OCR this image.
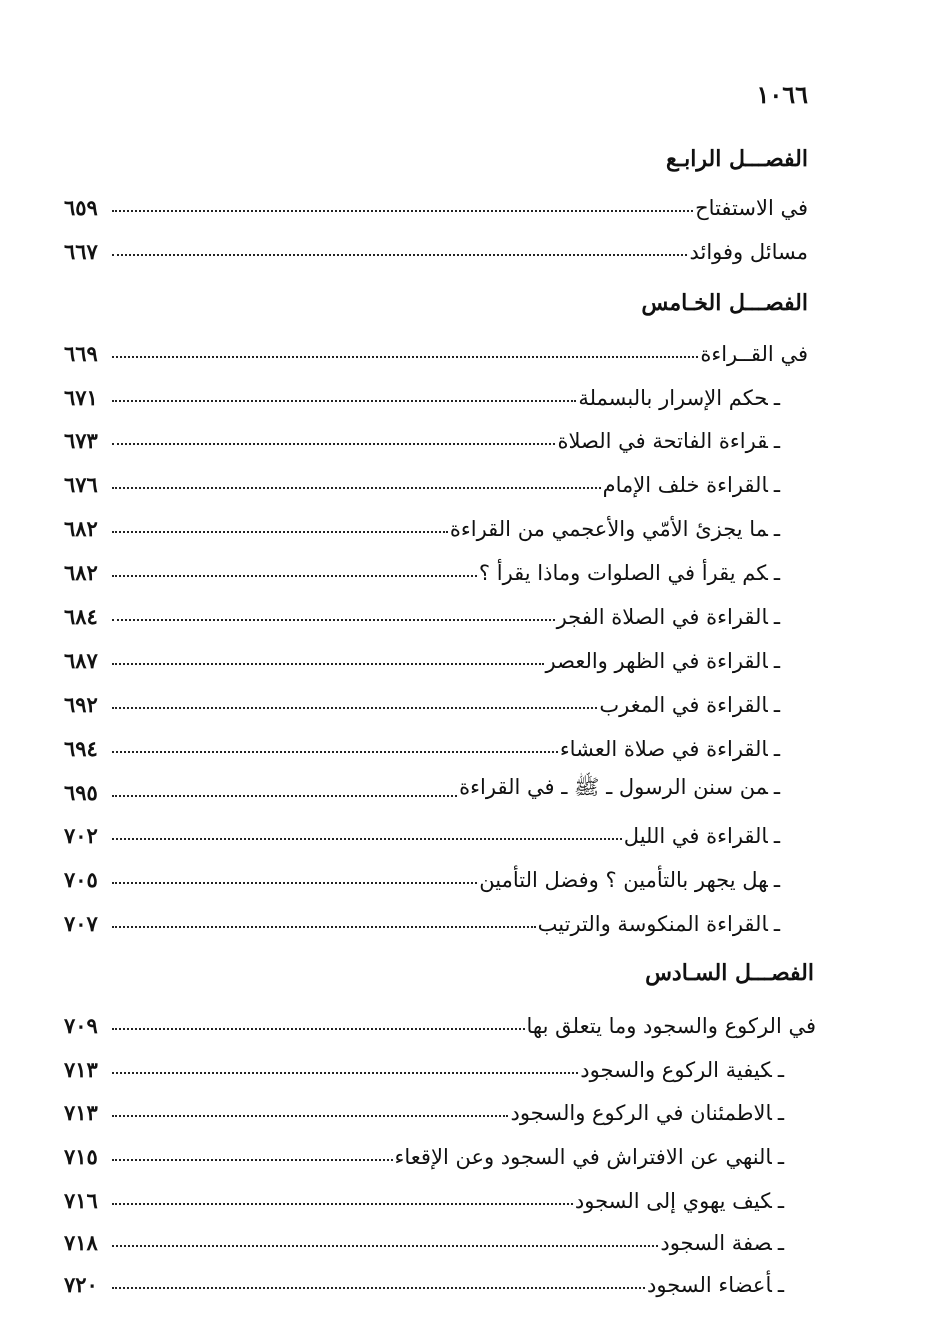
١٠٦٦
الفصـــل الرابـع
في الاستفتاح
٦٥٩
مسائل وفوائد
٦٦٧
الفصـــل الخـامس
في القــراءة
٦٦٩
ـ حكم الإسرار بالبسملة
٦٧١
ـ قراءة الفاتحة في الصلاة
٦٧٣
ـ القراءة خلف الإمام
٦٧٦
ـ ما يجزئ الأمّي والأعجمي من القراءة
٦٨٢
ـ كم يقرأ في الصلوات وماذا يقرأ ؟
٦٨٢
ـ القراءة في الصلاة الفجر
٦٨٤
ـ القراءة في الظهر والعصر
٦٨٧
ـ القراءة في المغرب
٦٩٢
ـ القراءة في صلاة العشاء
٦٩٤
ـ من سنن الرسول ـ ﷺ ـ في القراءة
٦٩٥
ـ القراءة في الليل
٧٠٢
ـ هل يجهر بالتأمين ؟ وفضل التأمين
٧٠٥
ـ القراءة المنكوسة والترتيب
٧٠٧
الفصـــل السـادس
في الركوع والسجود وما يتعلق بها
٧٠٩
ـ كيفية الركوع والسجود
٧١٣
ـ الاطمئنان في الركوع والسجود
٧١٣
ـ النهي عن الافتراش في السجود وعن الإقعاء
٧١٥
ـ كيف يهوي إلى السجود
٧١٦
ـ صفة السجود
٧١٨
ـ أعضاء السجود
٧٢٠
